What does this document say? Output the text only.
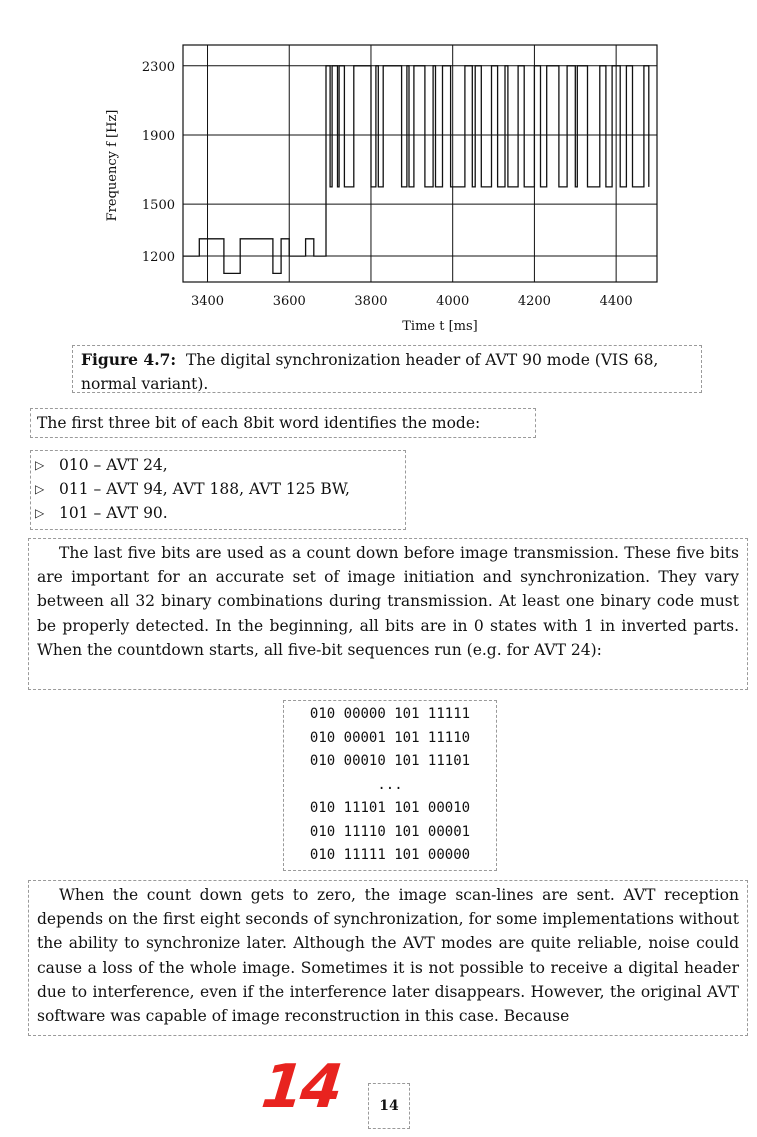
3400	3600	3800	4000	4200	4400
1200
1500
1900
2300
Time t [ms]
Frequency f [Hz]
Figure 4.7: The digital synchronization header of AVT 90 mode (VIS 68, normal variant).
The first three bit of each 8bit word identifies the mode:
▷ 010 – AVT 24,
▷ 011 – AVT 94, AVT 188, AVT 125 BW,
▷ 101 – AVT 90.

The last five bits are used as a count down before image transmission. These five bits are important for an accurate set of image initiation and synchronization. They vary between all 32 binary combinations during transmission. At least one binary code must be properly detected. In the beginning, all bits are in 0 states with 1 in inverted parts. When the countdown starts, all five-bit sequences run (e.g. for AVT 24):

010 00000 101 11111
010 00001 101 11110
010 00010 101 11101
...
010 11101 101 00010
010 11110 101 00001
010 11111 101 00000

When the count down gets to zero, the image scan-lines are sent. AVT reception depends on the first eight seconds of synchronization, for some implementations without the ability to synchronize later. Although the AVT modes are quite reliable, noise could cause a loss of the whole image. Sometimes it is not possible to receive a digital header due to interference, even if the interference later disappears. However, the original AVT software was capable of image reconstruction in this case. Because

14	14
